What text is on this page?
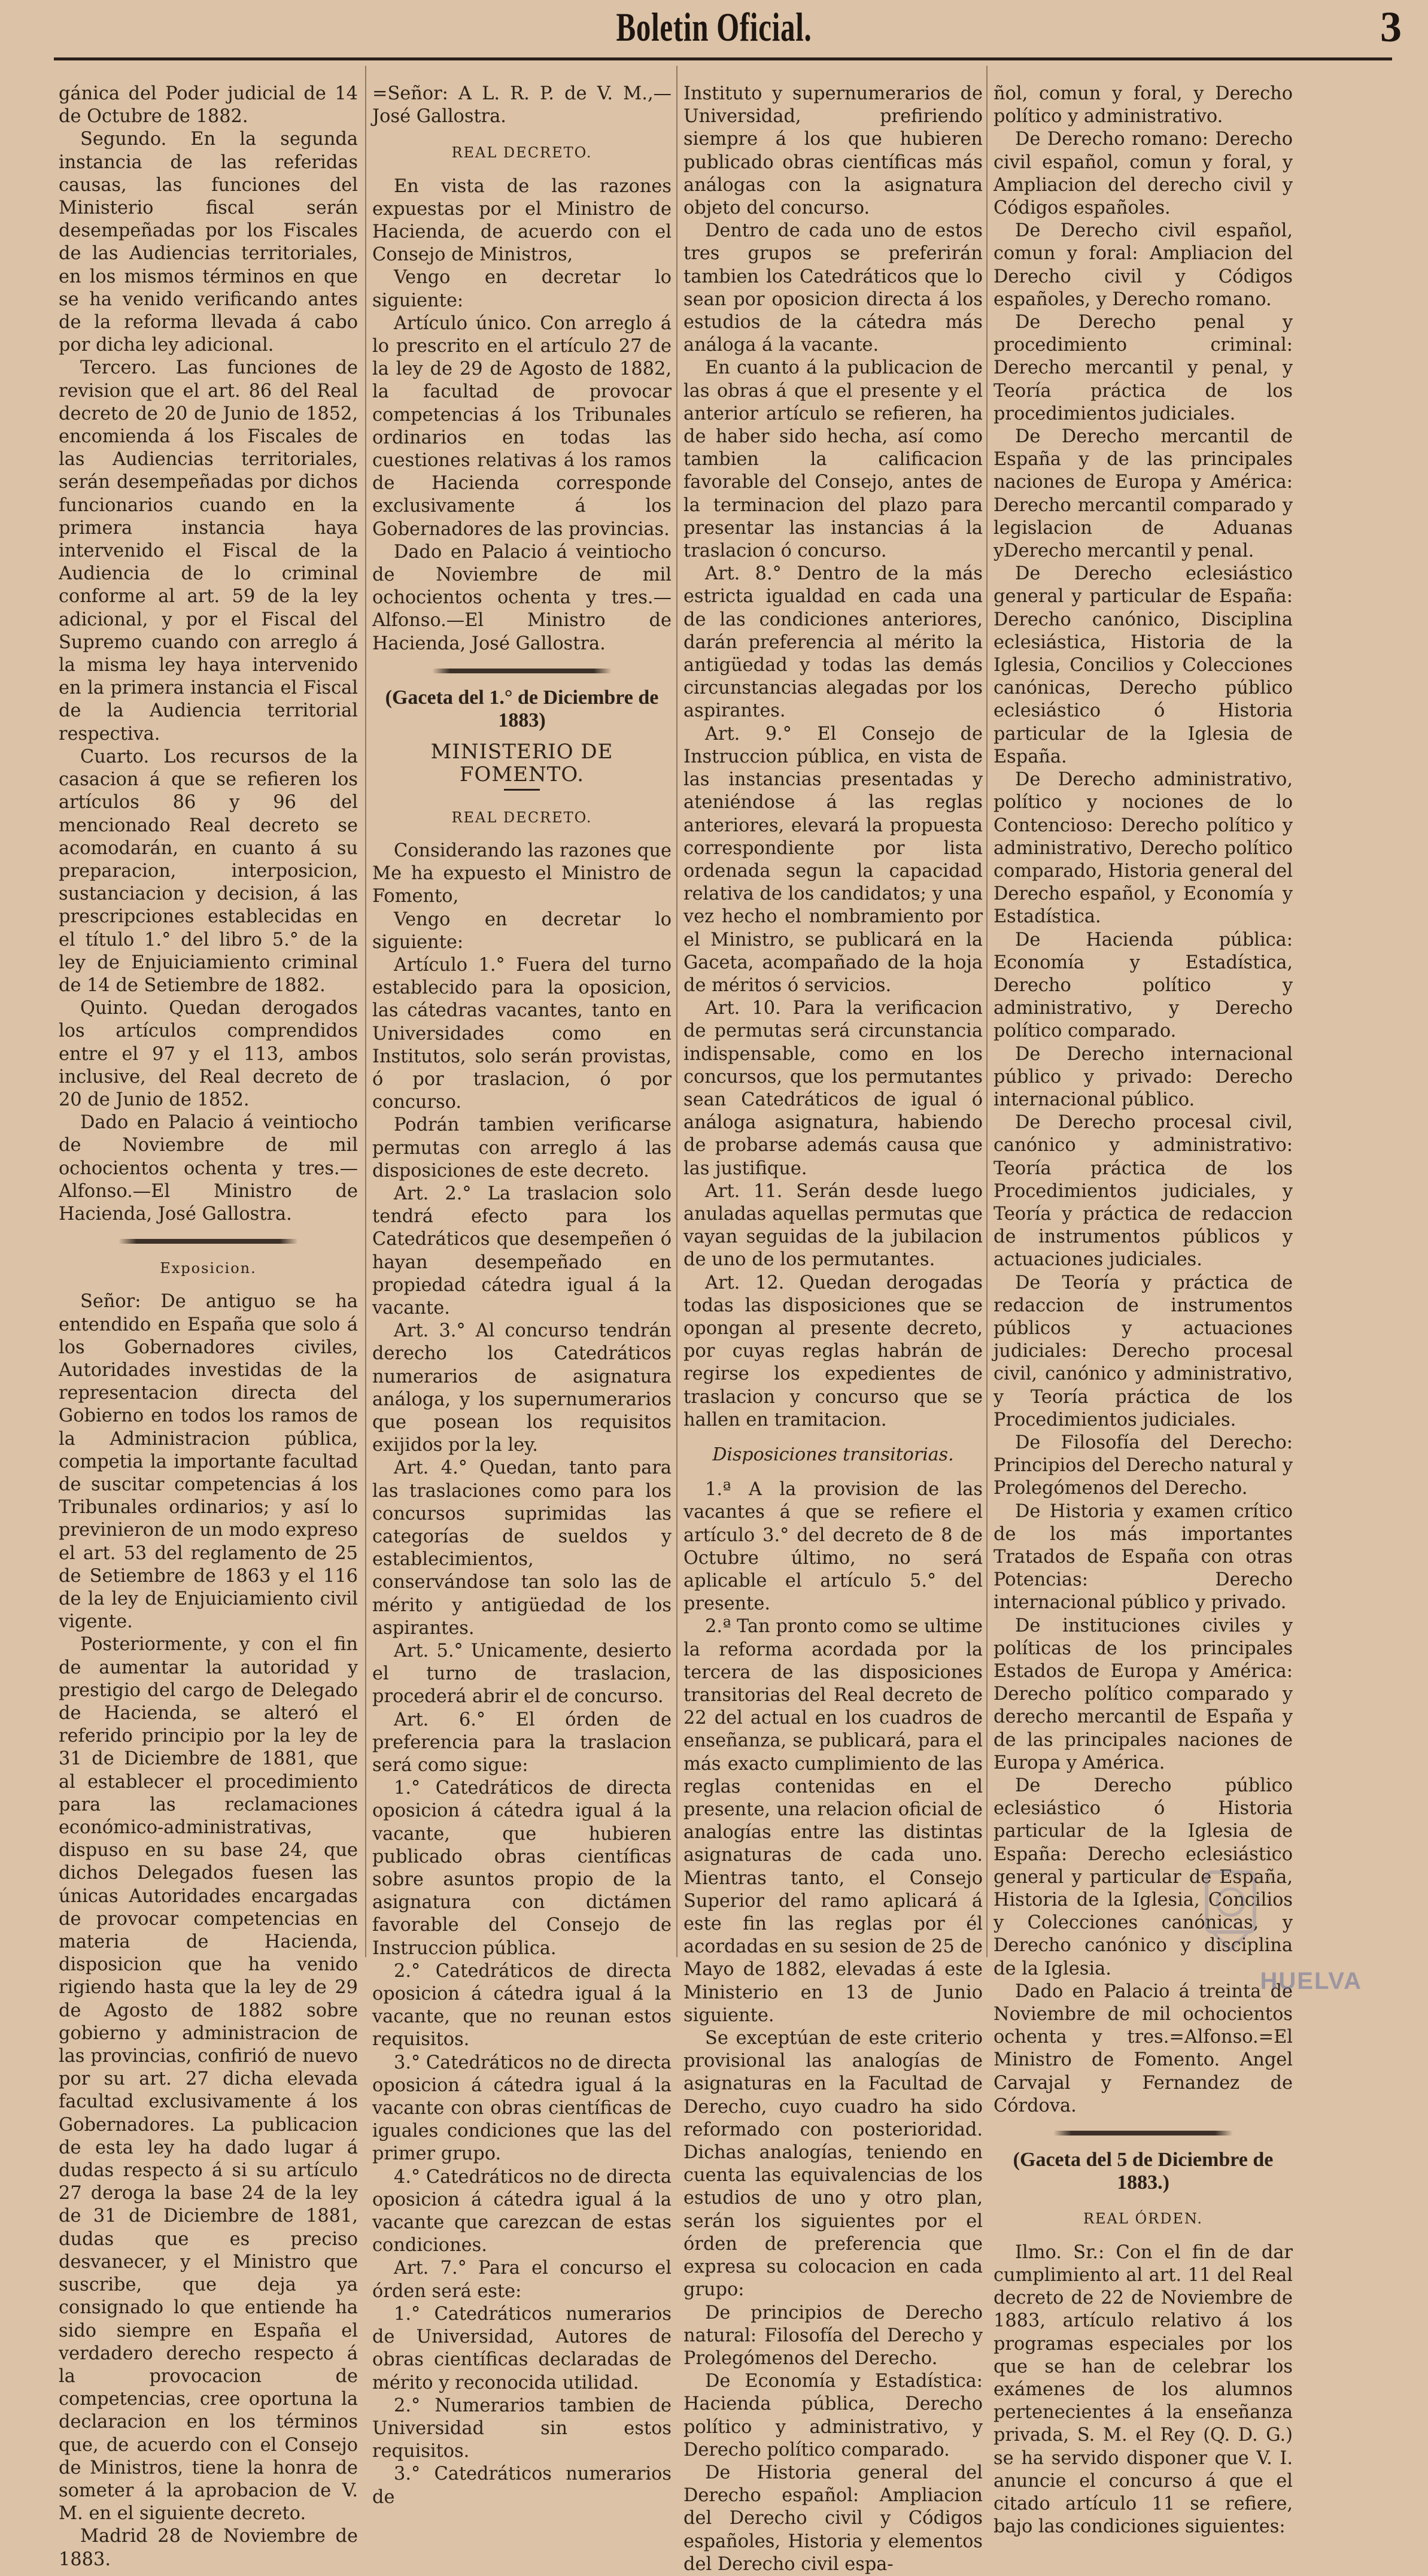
Boletin Oficial.	3

gánica del Poder judicial de 14 de Octubre de 1882.

Segundo. En la segunda instancia de las referidas causas, las funciones del Ministerio fiscal serán desempeñadas por los Fiscales de las Audiencias territoriales, en los mismos términos en que se ha venido verificando antes de la reforma llevada á cabo por dicha ley adicional.

Tercero. Las funciones de revision que el art. 86 del Real decreto de 20 de Junio de 1852, encomienda á los Fiscales de las Audiencias territoriales, serán desempeñadas por dichos funcionarios cuando en la primera instancia haya intervenido el Fiscal de la Audiencia de lo criminal conforme al art. 59 de la ley adicional, y por el Fiscal del Supremo cuando con arreglo á la misma ley haya intervenido en la primera instancia el Fiscal de la Audiencia territorial respectiva.

Cuarto. Los recursos de la casacion á que se refieren los artículos 86 y 96 del mencionado Real decreto se acomodarán, en cuanto á su preparacion, interposicion, sustanciacion y decision, á las prescripciones establecidas en el título 1.° del libro 5.° de la ley de Enjuiciamiento criminal de 14 de Setiembre de 1882.

Quinto. Quedan derogados los artículos comprendidos entre el 97 y el 113, ambos inclusive, del Real decreto de 20 de Junio de 1852.

Dado en Palacio á veintiocho de Noviembre de mil ochocientos ochenta y tres.—Alfonso.—El Ministro de Hacienda, José Gallostra.

Exposicion.

Señor: De antiguo se ha entendido en España que solo á los Gobernadores civiles, Autoridades investidas de la representacion directa del Gobierno en todos los ramos de la Administracion pública, competia la importante facultad de suscitar competencias á los Tribunales ordinarios; y así lo previnieron de un modo expreso el art. 53 del reglamento de 25 de Setiembre de 1863 y el 116 de la ley de Enjuiciamiento civil vigente.

Posteriormente, y con el fin de aumentar la autoridad y prestigio del cargo de Delegado de Hacienda, se alteró el referido principio por la ley de 31 de Diciembre de 1881, que al establecer el procedimiento para las reclamaciones económico-administrativas, dispuso en su base 24, que dichos Delegados fuesen las únicas Autoridades encargadas de provocar competencias en materia de Hacienda, disposicion que ha venido rigiendo hasta que la ley de 29 de Agosto de 1882 sobre gobierno y administracion de las provincias, confirió de nuevo por su art. 27 dicha elevada facultad exclusivamente á los Gobernadores. La publicacion de esta ley ha dado lugar á dudas respecto á si su artículo 27 deroga la base 24 de la ley de 31 de Diciembre de 1881, dudas que es preciso desvanecer, y el Ministro que suscribe, que deja ya consignado lo que entiende ha sido siempre en España el verdadero derecho respecto á la provocacion de competencias, cree oportuna la declaracion en los términos que, de acuerdo con el Consejo de Ministros, tiene la honra de someter á la aprobacion de V. M. en el siguiente decreto.

Madrid 28 de Noviembre de 1883.

=Señor: A L. R. P. de V. M.,—José Gallostra.

REAL DECRETO.

En vista de las razones expuestas por el Ministro de Hacienda, de acuerdo con el Consejo de Ministros,

Vengo en decretar lo siguiente:

Artículo único. Con arreglo á lo prescrito en el artículo 27 de la ley de 29 de Agosto de 1882, la facultad de provocar competencias á los Tribunales ordinarios en todas las cuestiones relativas á los ramos de Hacienda corresponde exclusivamente á los Gobernadores de las provincias.

Dado en Palacio á veintiocho de Noviembre de mil ochocientos ochenta y tres.—Alfonso.—El Ministro de Hacienda, José Gallostra.

(Gaceta del 1.° de Diciembre de 1883)
MINISTERIO DE FOMENTO.
REAL DECRETO.

Considerando las razones que Me ha expuesto el Ministro de Fomento,

Vengo en decretar lo siguiente:

Artículo 1.° Fuera del turno establecido para la oposicion, las cátedras vacantes, tanto en Universidades como en Institutos, solo serán provistas, ó por traslacion, ó por concurso.

Podrán tambien verificarse permutas con arreglo á las disposiciones de este decreto.

Art. 2.° La traslacion solo tendrá efecto para los Catedráticos que desempeñen ó hayan desempeñado en propiedad cátedra igual á la vacante.

Art. 3.° Al concurso tendrán derecho los Catedráticos numerarios de asignatura análoga, y los supernumerarios que posean los requisitos exijidos por la ley.

Art. 4.° Quedan, tanto para las traslaciones como para los concursos suprimidas las categorías de sueldos y establecimientos, conservándose tan solo las de mérito y antigüedad de los aspirantes.

Art. 5.° Unicamente, desierto el turno de traslacion, procederá abrir el de concurso.

Art. 6.° El órden de preferencia para la traslacion será como sigue:

1.° Catedráticos de directa oposicion á cátedra igual á la vacante, que hubieren publicado obras científicas sobre asuntos propio de la asignatura con dictámen favorable del Consejo de Instruccion pública.

2.° Catedráticos de directa oposicion á cátedra igual á la vacante, que no reunan estos requisitos.

3.° Catedráticos no de directa oposicion á cátedra igual á la vacante con obras científicas de iguales condiciones que las del primer grupo.

4.° Catedráticos no de directa oposicion á cátedra igual á la vacante que carezcan de estas condiciones.

Art. 7.° Para el concurso el órden será este:

1.° Catedráticos numerarios de Universidad, Autores de obras científicas declaradas de mérito y reconocida utilidad.

2.° Numerarios tambien de Universidad sin estos requisitos.

3.° Catedráticos numerarios de

Instituto y supernumerarios de Universidad, prefiriendo siempre á los que hubieren publicado obras científicas más análogas con la asignatura objeto del concurso.

Dentro de cada uno de estos tres grupos se preferirán tambien los Catedráticos que lo sean por oposicion directa á los estudios de la cátedra más análoga á la vacante.

En cuanto á la publicacion de las obras á que el presente y el anterior artículo se refieren, ha de haber sido hecha, así como tambien la calificacion favorable del Consejo, antes de la terminacion del plazo para presentar las instancias á la traslacion ó concurso.

Art. 8.° Dentro de la más estricta igualdad en cada una de las condiciones anteriores, darán preferencia al mérito la antigüedad y todas las demás circunstancias alegadas por los aspirantes.

Art. 9.° El Consejo de Instruccion pública, en vista de las instancias presentadas y ateniéndose á las reglas anteriores, elevará la propuesta correspondiente por lista ordenada segun la capacidad relativa de los candidatos; y una vez hecho el nombramiento por el Ministro, se publicará en la Gaceta, acompañado de la hoja de méritos ó servicios.

Art. 10. Para la verificacion de permutas será circunstancia indispensable, como en los concursos, que los permutantes sean Catedráticos de igual ó análoga asignatura, habiendo de probarse además causa que las justifique.

Art. 11. Serán desde luego anuladas aquellas permutas que vayan seguidas de la jubilacion de uno de los permutantes.

Art. 12. Quedan derogadas todas las disposiciones que se opongan al presente decreto, por cuyas reglas habrán de regirse los expedientes de traslacion y concurso que se hallen en tramitacion.

Disposiciones transitorias.

1.ª A la provision de las vacantes á que se refiere el artículo 3.° del decreto de 8 de Octubre último, no será aplicable el artículo 5.° del presente.

2.ª Tan pronto como se ultime la reforma acordada por la tercera de las disposiciones transitorias del Real decreto de 22 del actual en los cuadros de enseñanza, se publicará, para el más exacto cumplimiento de las reglas contenidas en el presente, una relacion oficial de analogías entre las distintas asignaturas de cada uno. Mientras tanto, el Consejo Superior del ramo aplicará á este fin las reglas por él acordadas en su sesion de 25 de Mayo de 1882, elevadas á este Ministerio en 13 de Junio siguiente.

Se exceptúan de este criterio provisional las analogías de asignaturas en la Facultad de Derecho, cuyo cuadro ha sido reformado con posterioridad. Dichas analogías, teniendo en cuenta las equivalencias de los estudios de uno y otro plan, serán los siguientes por el órden de preferencia que expresa su colocacion en cada grupo:

De principios de Derecho natural: Filosofía del Derecho y Prolegómenos del Derecho.

De Economía y Estadística: Hacienda pública, Derecho político y administrativo, y Derecho político comparado.

De Historia general del Derecho español: Ampliacion del Derecho civil y Códigos españoles, Historia y elementos del Derecho civil espa-

ñol, comun y foral, y Derecho político y administrativo.

De Derecho romano: Derecho civil español, comun y foral, y Ampliacion del derecho civil y Códigos españoles.

De Derecho civil español, comun y foral: Ampliacion del Derecho civil y Códigos españoles, y Derecho romano.

De Derecho penal y procedimiento criminal: Derecho mercantil y penal, y Teoría práctica de los procedimientos judiciales.

De Derecho mercantil de España y de las principales naciones de Europa y América: Derecho mercantil comparado y legislacion de Aduanas yDerecho mercantil y penal.

De Derecho eclesiástico general y particular de España: Derecho canónico, Disciplina eclesiástica, Historia de la Iglesia, Concilios y Colecciones canónicas, Derecho público eclesiástico ó Historia particular de la Iglesia de España.

De Derecho administrativo, político y nociones de lo Contencioso: Derecho político y administrativo, Derecho político comparado, Historia general del Derecho español, y Economía y Estadística.

De Hacienda pública: Economía y Estadística, Derecho político y administrativo, y Derecho político comparado.

De Derecho internacional público y privado: Derecho internacional público.

De Derecho procesal civil, canónico y administrativo: Teoría práctica de los Procedimientos judiciales, y Teoría y práctica de redaccion de instrumentos públicos y actuaciones judiciales.

De Teoría y práctica de redaccion de instrumentos públicos y actuaciones judiciales: Derecho procesal civil, canónico y administrativo, y Teoría práctica de los Procedimientos judiciales.

De Filosofía del Derecho: Principios del Derecho natural y Prolegómenos del Derecho.

De Historia y examen crítico de los más importantes Tratados de España con otras Potencias: Derecho internacional público y privado.

De instituciones civiles y políticas de los principales Estados de Europa y América: Derecho político comparado y derecho mercantil de España y de las principales naciones de Europa y América.

De Derecho público eclesiástico ó Historia particular de la Iglesia de España: Derecho eclesiástico general y particular de España, Historia de la Iglesia, Concilios y Colecciones canónicas, y Derecho canónico y disciplina de la Iglesia.

Dado en Palacio á treinta de Noviembre de mil ochocientos ochenta y tres.=Alfonso.=El Ministro de Fomento. Angel Carvajal y Fernandez de Córdova.

(Gaceta del 5 de Diciembre de 1883.)
REAL ÓRDEN.

Ilmo. Sr.: Con el fin de dar cumplimiento al art. 11 del Real decreto de 22 de Noviembre de 1883, artículo relativo á los programas especiales por los que se han de celebrar los exámenes de los alumnos pertenecientes á la enseñanza privada, S. M. el Rey (Q. D. G.) se ha servido disponer que V. I. anuncie el concurso á que el citado artículo 11 se refiere, bajo las condiciones siguientes:

HUELVA
